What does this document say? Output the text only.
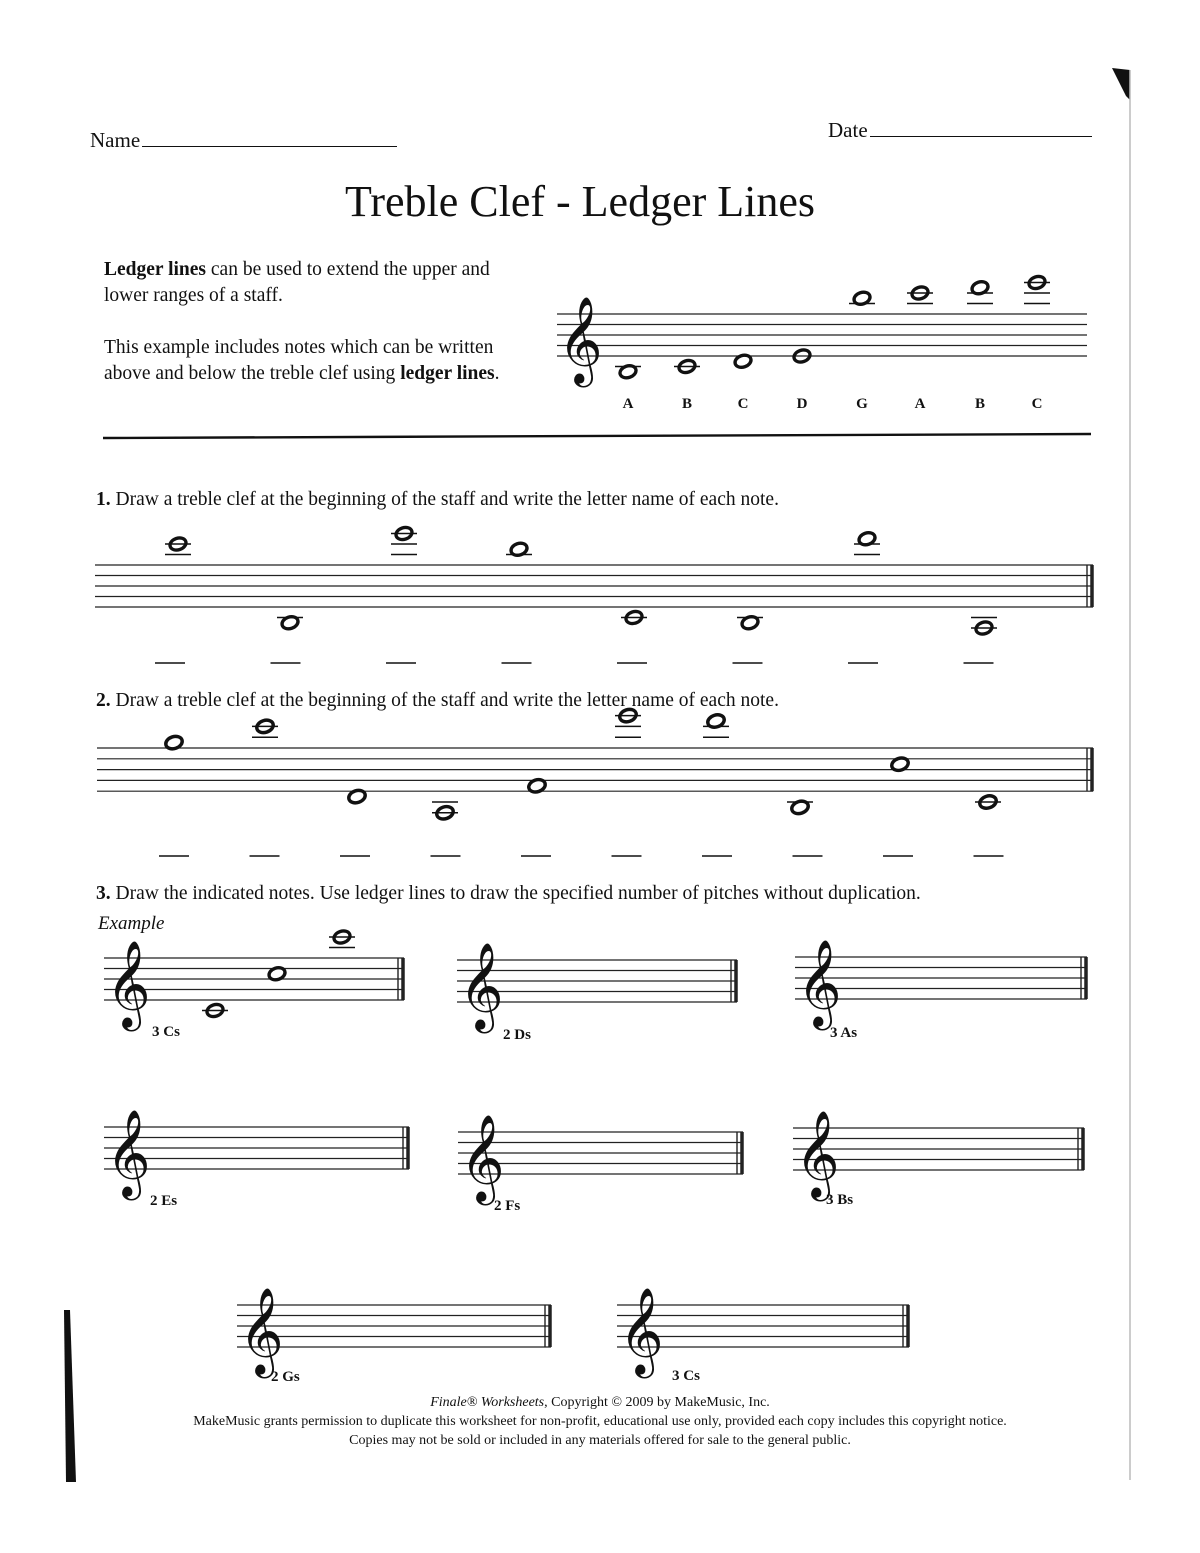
Name	Date
Treble Clef - Ledger Lines
Ledger lines can be used to extend the upper and lower ranges of a staff.
This example includes notes which can be written above and below the treble clef using ledger lines. 𝄞
A	B	C	D	G	A	B	C
1. Draw a treble clef at the beginning of the staff and write the letter name of each note.
2. Draw a treble clef at the beginning of the staff and write the letter name of each note.
3. Draw the indicated notes. Use ledger lines to draw the specified number of pitches without duplication.
Example
𝄞	𝄞	𝄞
𝄞	𝄞	𝄞
𝄞	𝄞
3 Cs	2 Ds	3 As
2 Es	2 Fs	3 Bs
2 Gs	3 Cs
Finale® Worksheets, Copyright © 2009 by MakeMusic, Inc.
MakeMusic grants permission to duplicate this worksheet for non-profit, educational use only, provided each copy includes this copyright notice.
Copies may not be sold or included in any materials offered for sale to the general public.
